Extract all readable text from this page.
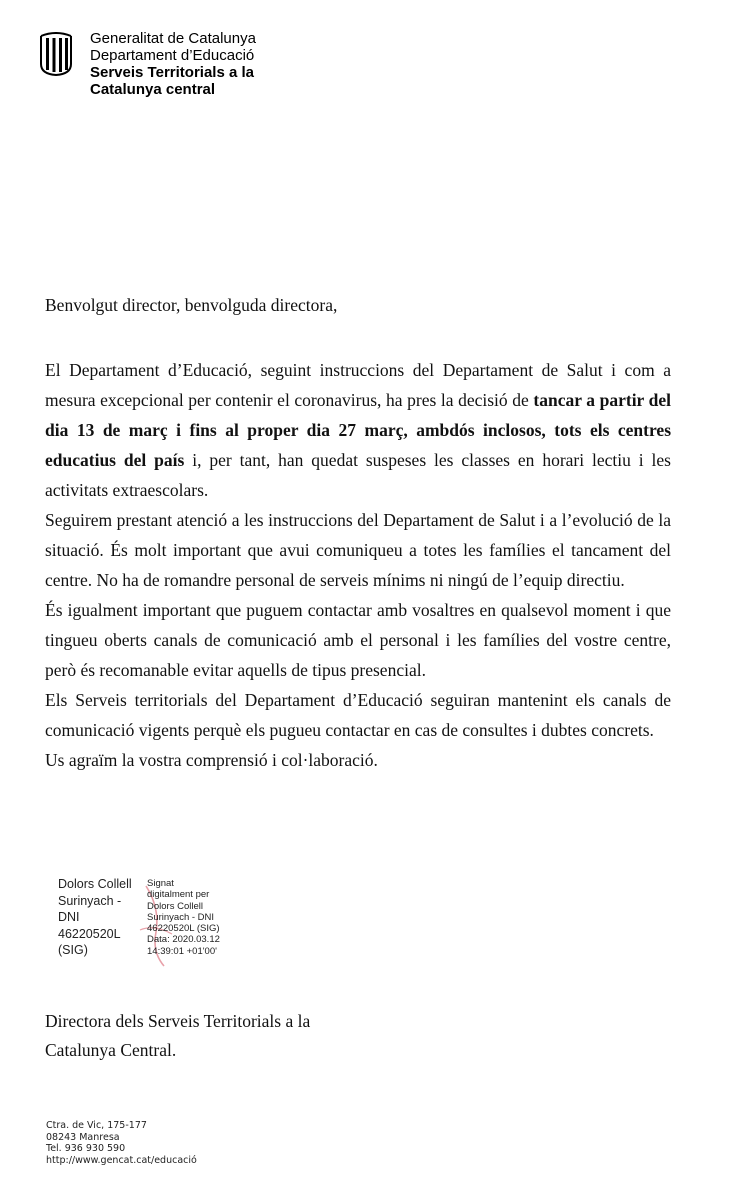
Generalitat de Catalunya
Departament d’Educació
Serveis Territorials a la
Catalunya central
Benvolgut director, benvolguda directora,

El Departament d’Educació, seguint instruccions del Departament de Salut i com a mesura excepcional per contenir el coronavirus, ha pres la decisió de tancar a partir del dia 13 de març i fins al proper dia 27 març, ambdós inclosos, tots els centres educatius del país i, per tant, han quedat suspeses les classes en horari lectiu i les activitats extraescolars.

Seguirem prestant atenció a les instruccions del Departament de Salut i a l’evolució de la situació. És molt important que avui comuniqueu a totes les famílies el tancament del centre. No ha de romandre personal de serveis mínims ni ningú de l’equip directiu.

És igualment important que puguem contactar amb vosaltres en qualsevol moment i que tingueu oberts canals de comunicació amb el personal i les famílies del vostre centre, però és recomanable evitar aquells de tipus presencial.

Els Serveis territorials del Departament d’Educació seguiran mantenint els canals de comunicació vigents perquè els pugueu contactar en cas de consultes i dubtes concrets.

Us agraïm la vostra comprensió i col·laboració.

Dolors Collell
Surinyach -
DNI
46220520L
(SIG)
Signat
digitalment per
Dolors Collell
Surinyach - DNI
46220520L (SIG)
Data: 2020.03.12
14:39:01 +01'00'
Directora dels Serveis Territorials a la
Catalunya Central.
Ctra. de Vic, 175-177
08243 Manresa
Tel. 936 930 590
http://www.gencat.cat/educació
